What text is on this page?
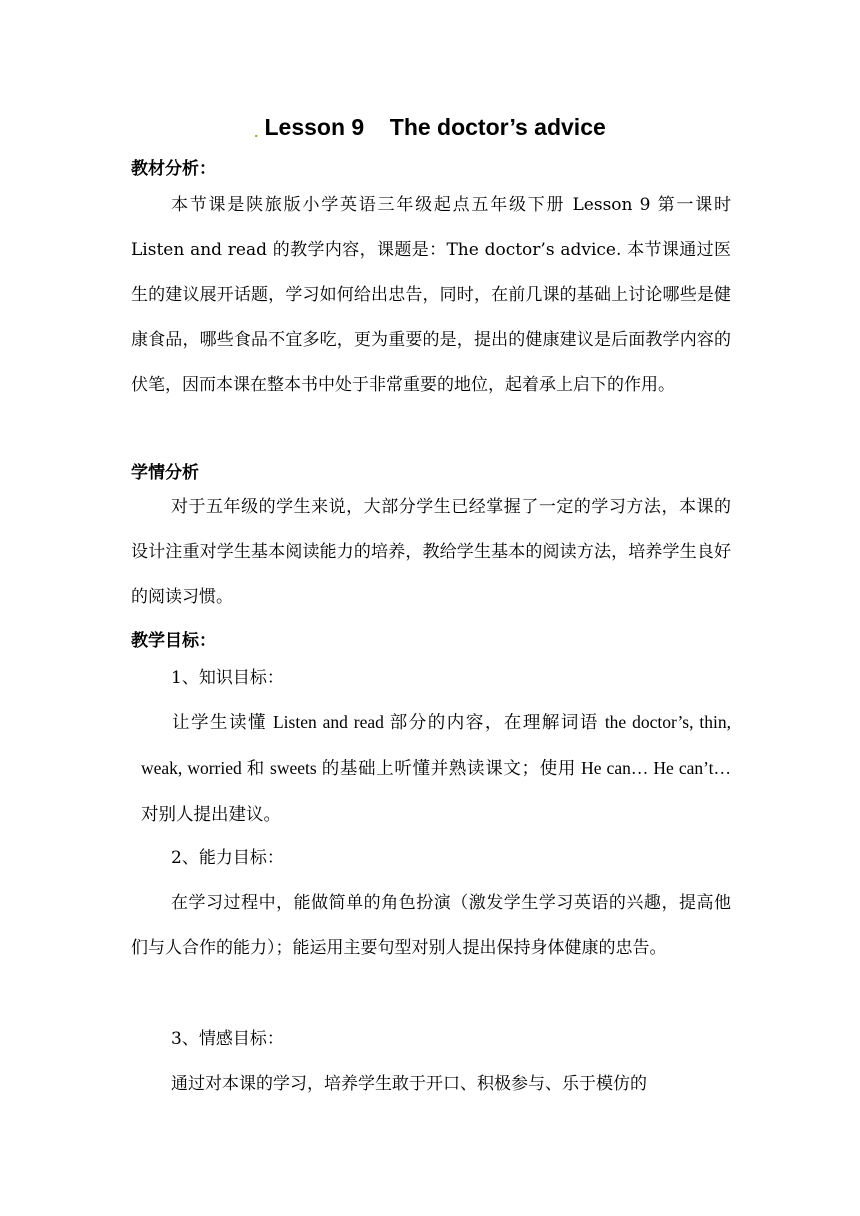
. Lesson 9 The doctor’s advice
教材分析：
本节课是陕旅版小学英语三年级起点五年级下册 Lesson 9 第一课时 Listen and read 的教学内容，课题是：The doctor’s advice. 本节课通过医生的建议展开话题，学习如何给出忠告，同时，在前几课的基础上讨论哪些是健康食品，哪些食品不宜多吃，更为重要的是，提出的健康建议是后面教学内容的伏笔，因而本课在整本书中处于非常重要的地位，起着承上启下的作用。
学情分析
对于五年级的学生来说，大部分学生已经掌握了一定的学习方法，本课的设计注重对学生基本阅读能力的培养，教给学生基本的阅读方法，培养学生良好的阅读习惯。
教学目标：
1、知识目标：
让学生读懂 Listen and read 部分的内容，在理解词语 the doctor’s, thin, weak, worried 和 sweets 的基础上听懂并熟读课文；使用 He can… He can’t…对别人提出建议。
2、能力目标：
在学习过程中，能做简单的角色扮演（激发学生学习英语的兴趣，提高他们与人合作的能力）；能运用主要句型对别人提出保持身体健康的忠告。
3、情感目标：
通过对本课的学习，培养学生敢于开口、积极参与、乐于模仿的
